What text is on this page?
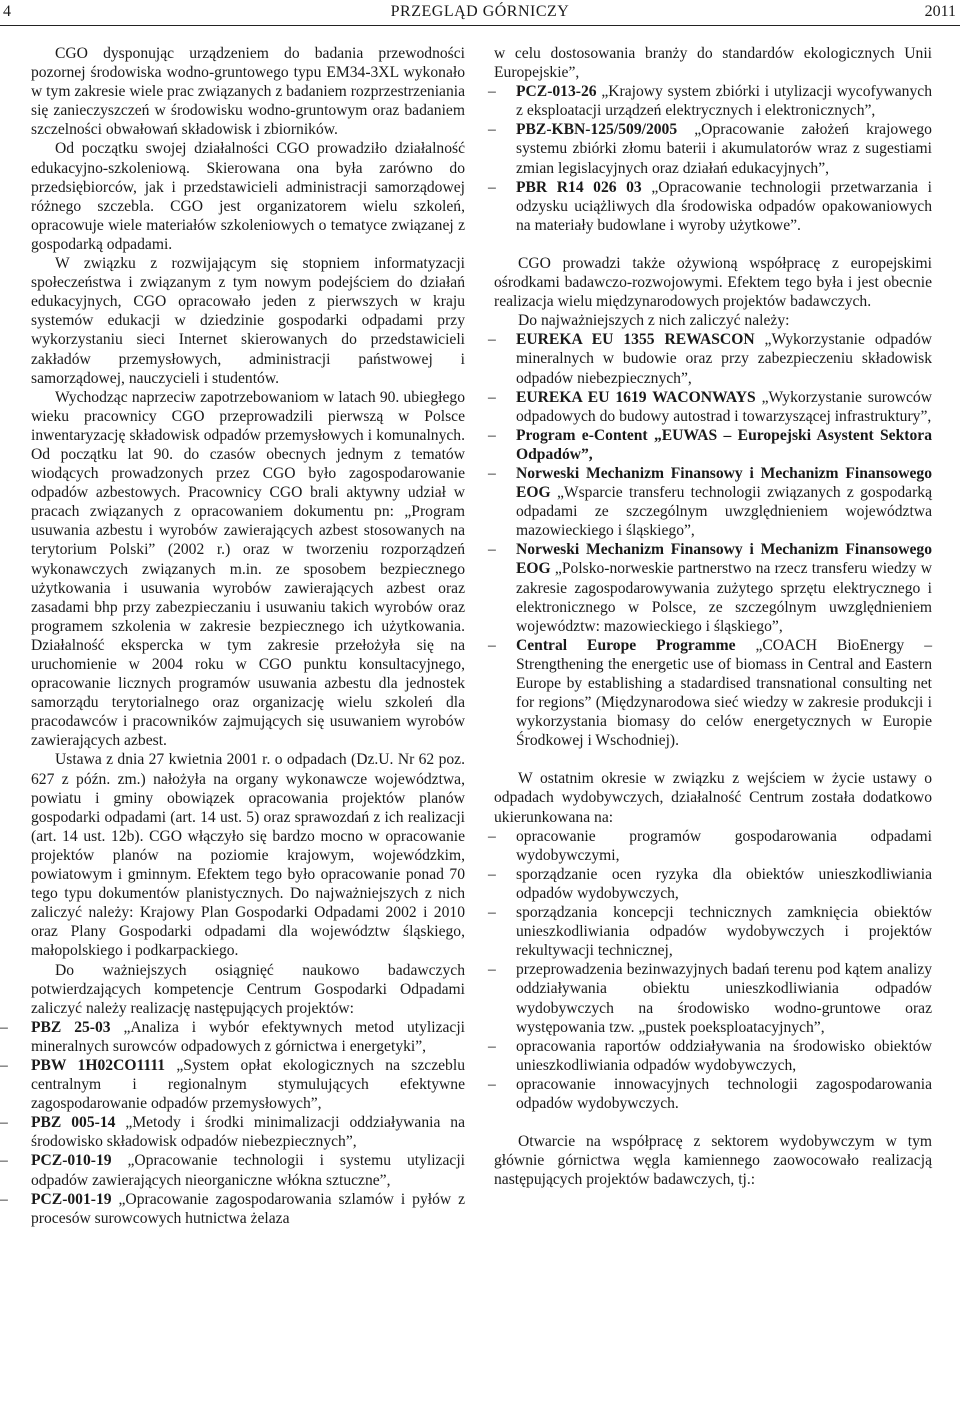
4	PRZEGLĄD GÓRNICZY	2011

CGO dysponując urządzeniem do badania przewodności pozornej środowiska wodno-gruntowego typu EM34-3XL wykonało w tym zakresie wiele prac związanych z badaniem rozprzestrzeniania się zanieczyszczeń w środowisku wodno-gruntowym oraz badaniem szczelności obwałowań składowisk i zbiorników.

Od początku swojej działalności CGO prowadziło działalność edukacyjno-szkoleniową. Skierowana ona była zarówno do przedsiębiorców, jak i przedstawicieli administracji samorządowej różnego szczebla. CGO jest organizatorem wielu szkoleń, opracowuje wiele materiałów szkoleniowych o tematyce związanej z gospodarką odpadami.

W związku z rozwijającym się stopniem informatyzacji społeczeństwa i związanym z tym nowym podejściem do działań edukacyjnych, CGO opracowało jeden z pierwszych w kraju systemów edukacji w dziedzinie gospodarki odpadami przy wykorzystaniu sieci Internet skierowanych do przedstawicieli zakładów przemysłowych, administracji państwowej i samorządowej, nauczycieli i studentów.

Wychodząc naprzeciw zapotrzebowaniom w latach 90. ubiegłego wieku pracownicy CGO przeprowadzili pierwszą w Polsce inwentaryzację składowisk odpadów przemysłowych i komunalnych. Od początku lat 90. do czasów obecnych jednym z tematów wiodących prowadzonych przez CGO było zagospodarowanie odpadów azbestowych. Pracownicy CGO brali aktywny udział w pracach związanych z opracowaniem dokumentu pn: „Program usuwania azbestu i wyrobów zawierających azbest stosowanych na terytorium Polski” (2002 r.) oraz w tworzeniu rozporządzeń wykonawczych związanych m.in. ze sposobem bezpiecznego użytkowania i usuwania wyrobów zawierających azbest oraz zasadami bhp przy zabezpieczaniu i usuwaniu takich wyrobów oraz programem szkolenia w zakresie bezpiecznego ich użytkowania. Działalność ekspercka w tym zakresie przełożyła się na uruchomienie w 2004 roku w CGO punktu konsultacyjnego, opracowanie licznych programów usuwania azbestu dla jednostek samorządu terytorialnego oraz organizację wielu szkoleń dla pracodawców i pracowników zajmujących się usuwaniem wyrobów zawierających azbest.

Ustawa z dnia 27 kwietnia 2001 r. o odpadach (Dz.U. Nr 62 poz. 627 z późn. zm.) nałożyła na organy wykonawcze województwa, powiatu i gminy obowiązek opracowania projektów planów gospodarki odpadami (art. 14 ust. 5) oraz sprawozdań z ich realizacji (art. 14 ust. 12b). CGO włączyło się bardzo mocno w opracowanie projektów planów na poziomie krajowym, wojewódzkim, powiatowym i gminnym. Efektem tego było opracowanie ponad 70 tego typu dokumentów planistycznych. Do najważniejszych z nich zaliczyć należy: Krajowy Plan Gospodarki Odpadami 2002 i 2010 oraz Plany Gospodarki odpadami dla województw śląskiego, małopolskiego i podkarpackiego.

Do ważniejszych osiągnięć naukowo badawczych potwierdzających kompetencje Centrum Gospodarki Odpadami zaliczyć należy realizację następujących projektów:

– PBZ 25-03 „Analiza i wybór efektywnych metod utylizacji mineralnych surowców odpadowych z górnictwa i energetyki”,
– PBW 1H02CO1111 „System opłat ekologicznych na szczeblu centralnym i regionalnym stymulujących efektywne zagospodarowanie odpadów przemysłowych”,
– PBZ 005-14 „Metody i środki minimalizacji oddziaływania na środowisko składowisk odpadów niebezpiecznych”,
– PCZ-010-19 „Opracowanie technologii i systemu utylizacji odpadów zawierających nieorganiczne włókna sztuczne”,
– PCZ-001-19 „Opracowanie zagospodarowania szlamów i pyłów z procesów surowcowych hutnictwa żelaza

w celu dostosowania branży do standardów ekologicznych Unii Europejskie”,

– PCZ-013-26 „Krajowy system zbiórki i utylizacji wycofywanych z eksploatacji urządzeń elektrycznych i elektronicznych”,
– PBZ-KBN-125/509/2005 „Opracowanie założeń krajowego systemu zbiórki złomu baterii i akumulatorów wraz z sugestiami zmian legislacyjnych oraz działań edukacyjnych”,
– PBR R14 026 03 „Opracowanie technologii przetwarzania i odzysku uciążliwych dla środowiska odpadów opakowaniowych na materiały budowlane i wyroby użytkowe”.

CGO prowadzi także ożywioną współpracę z europejskimi ośrodkami badawczo-rozwojowymi. Efektem tego była i jest obecnie realizacja wielu międzynarodowych projektów badawczych.

Do najważniejszych z nich zaliczyć należy:

– EUREKA EU 1355 REWASCON „Wykorzystanie odpadów mineralnych w budowie oraz przy zabezpieczeniu składowisk odpadów niebezpiecznych”,
– EUREKA EU 1619 WACONWAYS „Wykorzystanie surowców odpadowych do budowy autostrad i towarzyszącej infrastruktury”,
– Program e-Content „EUWAS – Europejski Asystent Sektora Odpadów”,
– Norweski Mechanizm Finansowy i Mechanizm Finansowego EOG „Wsparcie transferu technologii związanych z gospodarką odpadami ze szczególnym uwzględnieniem województwa mazowieckiego i śląskiego”,
– Norweski Mechanizm Finansowy i Mechanizm Finansowego EOG „Polsko-norweskie partnerstwo na rzecz transferu wiedzy w zakresie zagospodarowywania zużytego sprzętu elektrycznego i elektronicznego w Polsce, ze szczególnym uwzględnieniem województw: mazowieckiego i śląskiego”,
– Central Europe Programme „COACH BioEnergy – Strengthening the energetic use of biomass in Central and Eastern Europe by establishing a stadardised transnational consulting net for regions” (Międzynarodowa sieć wiedzy w zakresie produkcji i wykorzystania biomasy do celów energetycznych w Europie Środkowej i Wschodniej).

W ostatnim okresie w związku z wejściem w życie ustawy o odpadach wydobywczych, działalność Centrum została dodatkowo ukierunkowana na:

– opracowanie programów gospodarowania odpadami wydobywczymi,
– sporządzanie ocen ryzyka dla obiektów unieszkodliwiania odpadów wydobywczych,
– sporządzania koncepcji technicznych zamknięcia obiektów unieszkodliwiania odpadów wydobywczych i projektów rekultywacji technicznej,
– przeprowadzenia bezinwazyjnych badań terenu pod kątem analizy oddziaływania obiektu unieszkodliwiania odpadów wydobywczych na środowisko wodno-gruntowe oraz występowania tzw. „pustek poeksploatacyjnych”,
– opracowania raportów oddziaływania na środowisko obiektów unieszkodliwiania odpadów wydobywczych,
– opracowanie innowacyjnych technologii zagospodarowania odpadów wydobywczych.

Otwarcie na współpracę z sektorem wydobywczym w tym głównie górnictwa węgla kamiennego zaowocowało realizacją następujących projektów badawczych, tj.:
